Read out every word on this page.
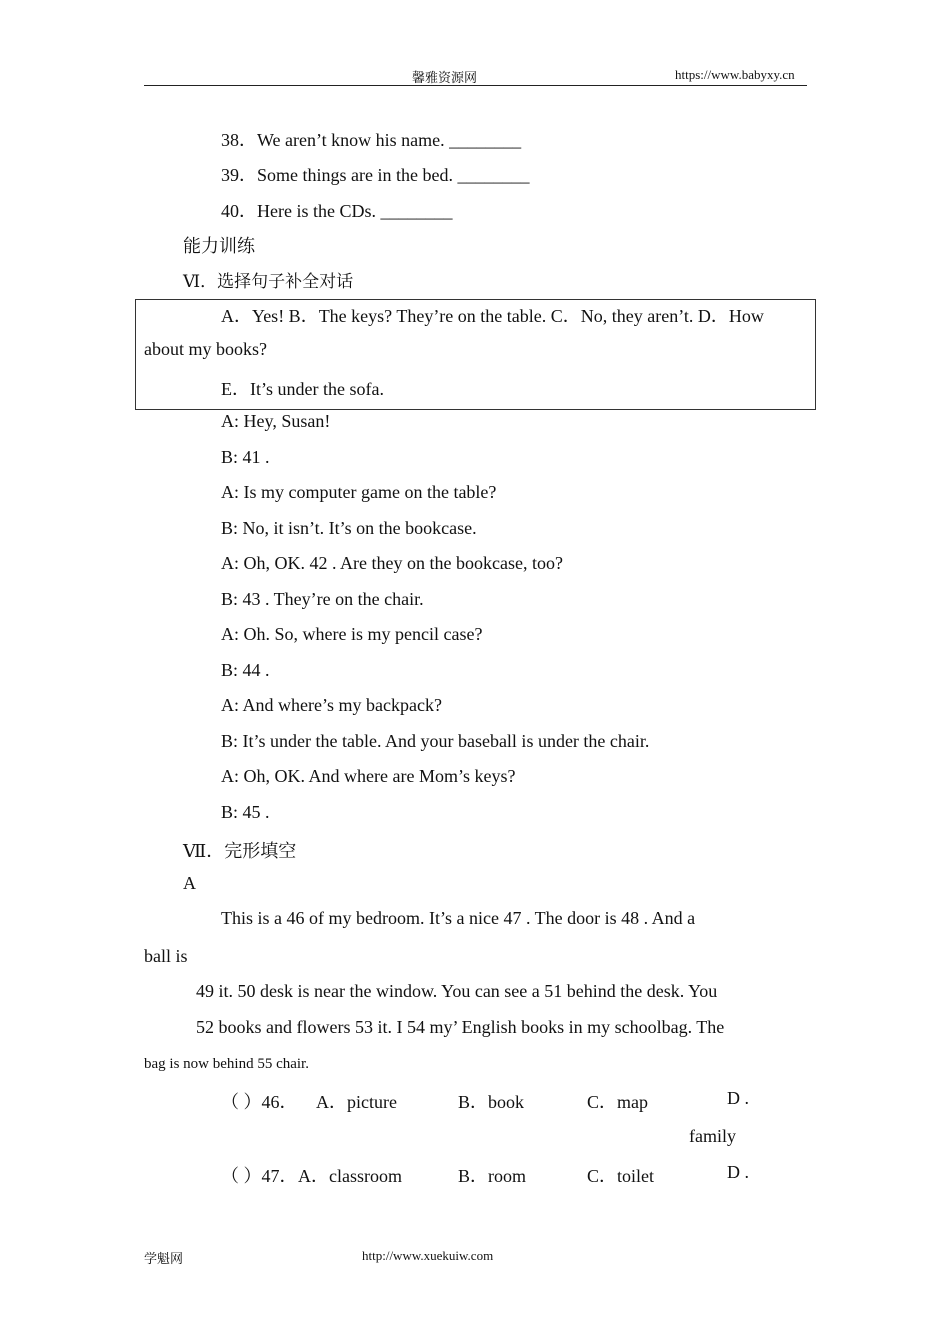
馨雅资源网	https://www.babyxy.cn
38．We aren’t know his name. ________
39．Some things are in the bed. ________
40．Here is the CDs. ________
能力训练
Ⅵ．选择句子补全对话
A．Yes! B．The keys? They’re on the table. C．No, they aren’t. D．How
about my books?
E．It’s under the sofa.
A: Hey, Susan!
B: 41 .
A: Is my computer game on the table?
B: No, it isn’t. It’s on the bookcase.
A: Oh, OK. 42 . Are they on the bookcase, too?
B: 43 . They’re on the chair.
A: Oh. So, where is my pencil case?
B: 44 .
A: And where’s my backpack?
B: It’s under the table. And your baseball is under the chair.
A: Oh, OK. And where are Mom’s keys?
B: 45 .
Ⅶ．完形填空
A
This is a 46 of my bedroom. It’s a nice 47 . The door is 48 . And a
ball is
49 it. 50 desk is near the window. You can see a 51 behind the desk. You
52 books and flowers 53 it. I 54 my’ English books in my schoolbag. The
bag is now behind 55 chair.
（ ）46． A．picture	B．book	C．map	D .
family
（ ）47． A．classroom	B．room	C．toilet	D .
学魁网	http://www.xuekuiw.com
